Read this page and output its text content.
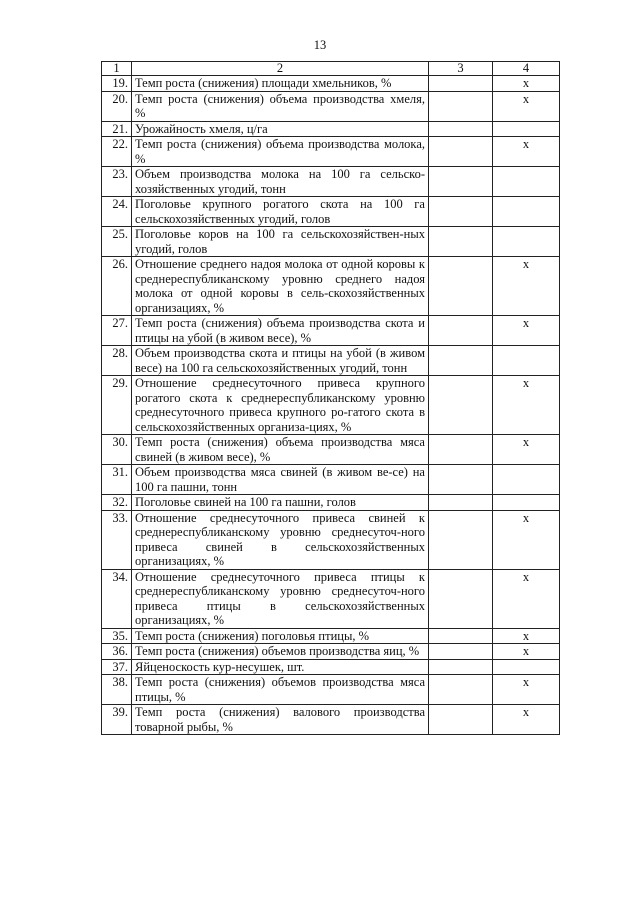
13
1	2	3	4
19.	Темп роста (снижения) площади хмельников, %		x
20.	Темп роста (снижения) объема производства хмеля, %		x
21.	Урожайность хмеля, ц/га		
22.	Темп роста (снижения) объема производства молока, %		x
23.	Объем производства молока на 100 га сельско-хозяйственных угодий, тонн		
24.	Поголовье крупного рогатого скота на 100 га сельскохозяйственных угодий, голов		
25.	Поголовье коров на 100 га сельскохозяйствен-ных угодий, голов		
26.	Отношение среднего надоя молока от одной коровы к среднереспубликанскому уровню среднего надоя молока от одной коровы в сель-скохозяйственных организациях, %		x
27.	Темп роста (снижения) объема производства скота и птицы на убой (в живом весе), %		x
28.	Объем производства скота и птицы на убой (в живом весе) на 100 га сельскохозяйственных угодий, тонн		
29.	Отношение среднесуточного привеса крупного рогатого скота к среднереспубликанскому уровню среднесуточного привеса крупного ро-гатого скота в сельскохозяйственных организа-циях, %		x
30.	Темп роста (снижения) объема производства мяса свиней (в живом весе), %		x
31.	Объем производства мяса свиней (в живом ве-се) на 100 га пашни, тонн		
32.	Поголовье свиней на 100 га пашни, голов		
33.	Отношение среднесуточного привеса свиней к среднереспубликанскому уровню среднесуточ-ного привеса свиней в сельскохозяйственных организациях, %		x
34.	Отношение среднесуточного привеса птицы к среднереспубликанскому уровню среднесуточ-ного привеса птицы в сельскохозяйственных организациях, %		x
35.	Темп роста (снижения) поголовья птицы, %		x
36.	Темп роста (снижения) объемов производства яиц, %		x
37.	Яйценоскость кур-несушек, шт.		
38.	Темп роста (снижения) объемов производства мяса птицы, %		x
39.	Темп роста (снижения) валового производства товарной рыбы, %		x
